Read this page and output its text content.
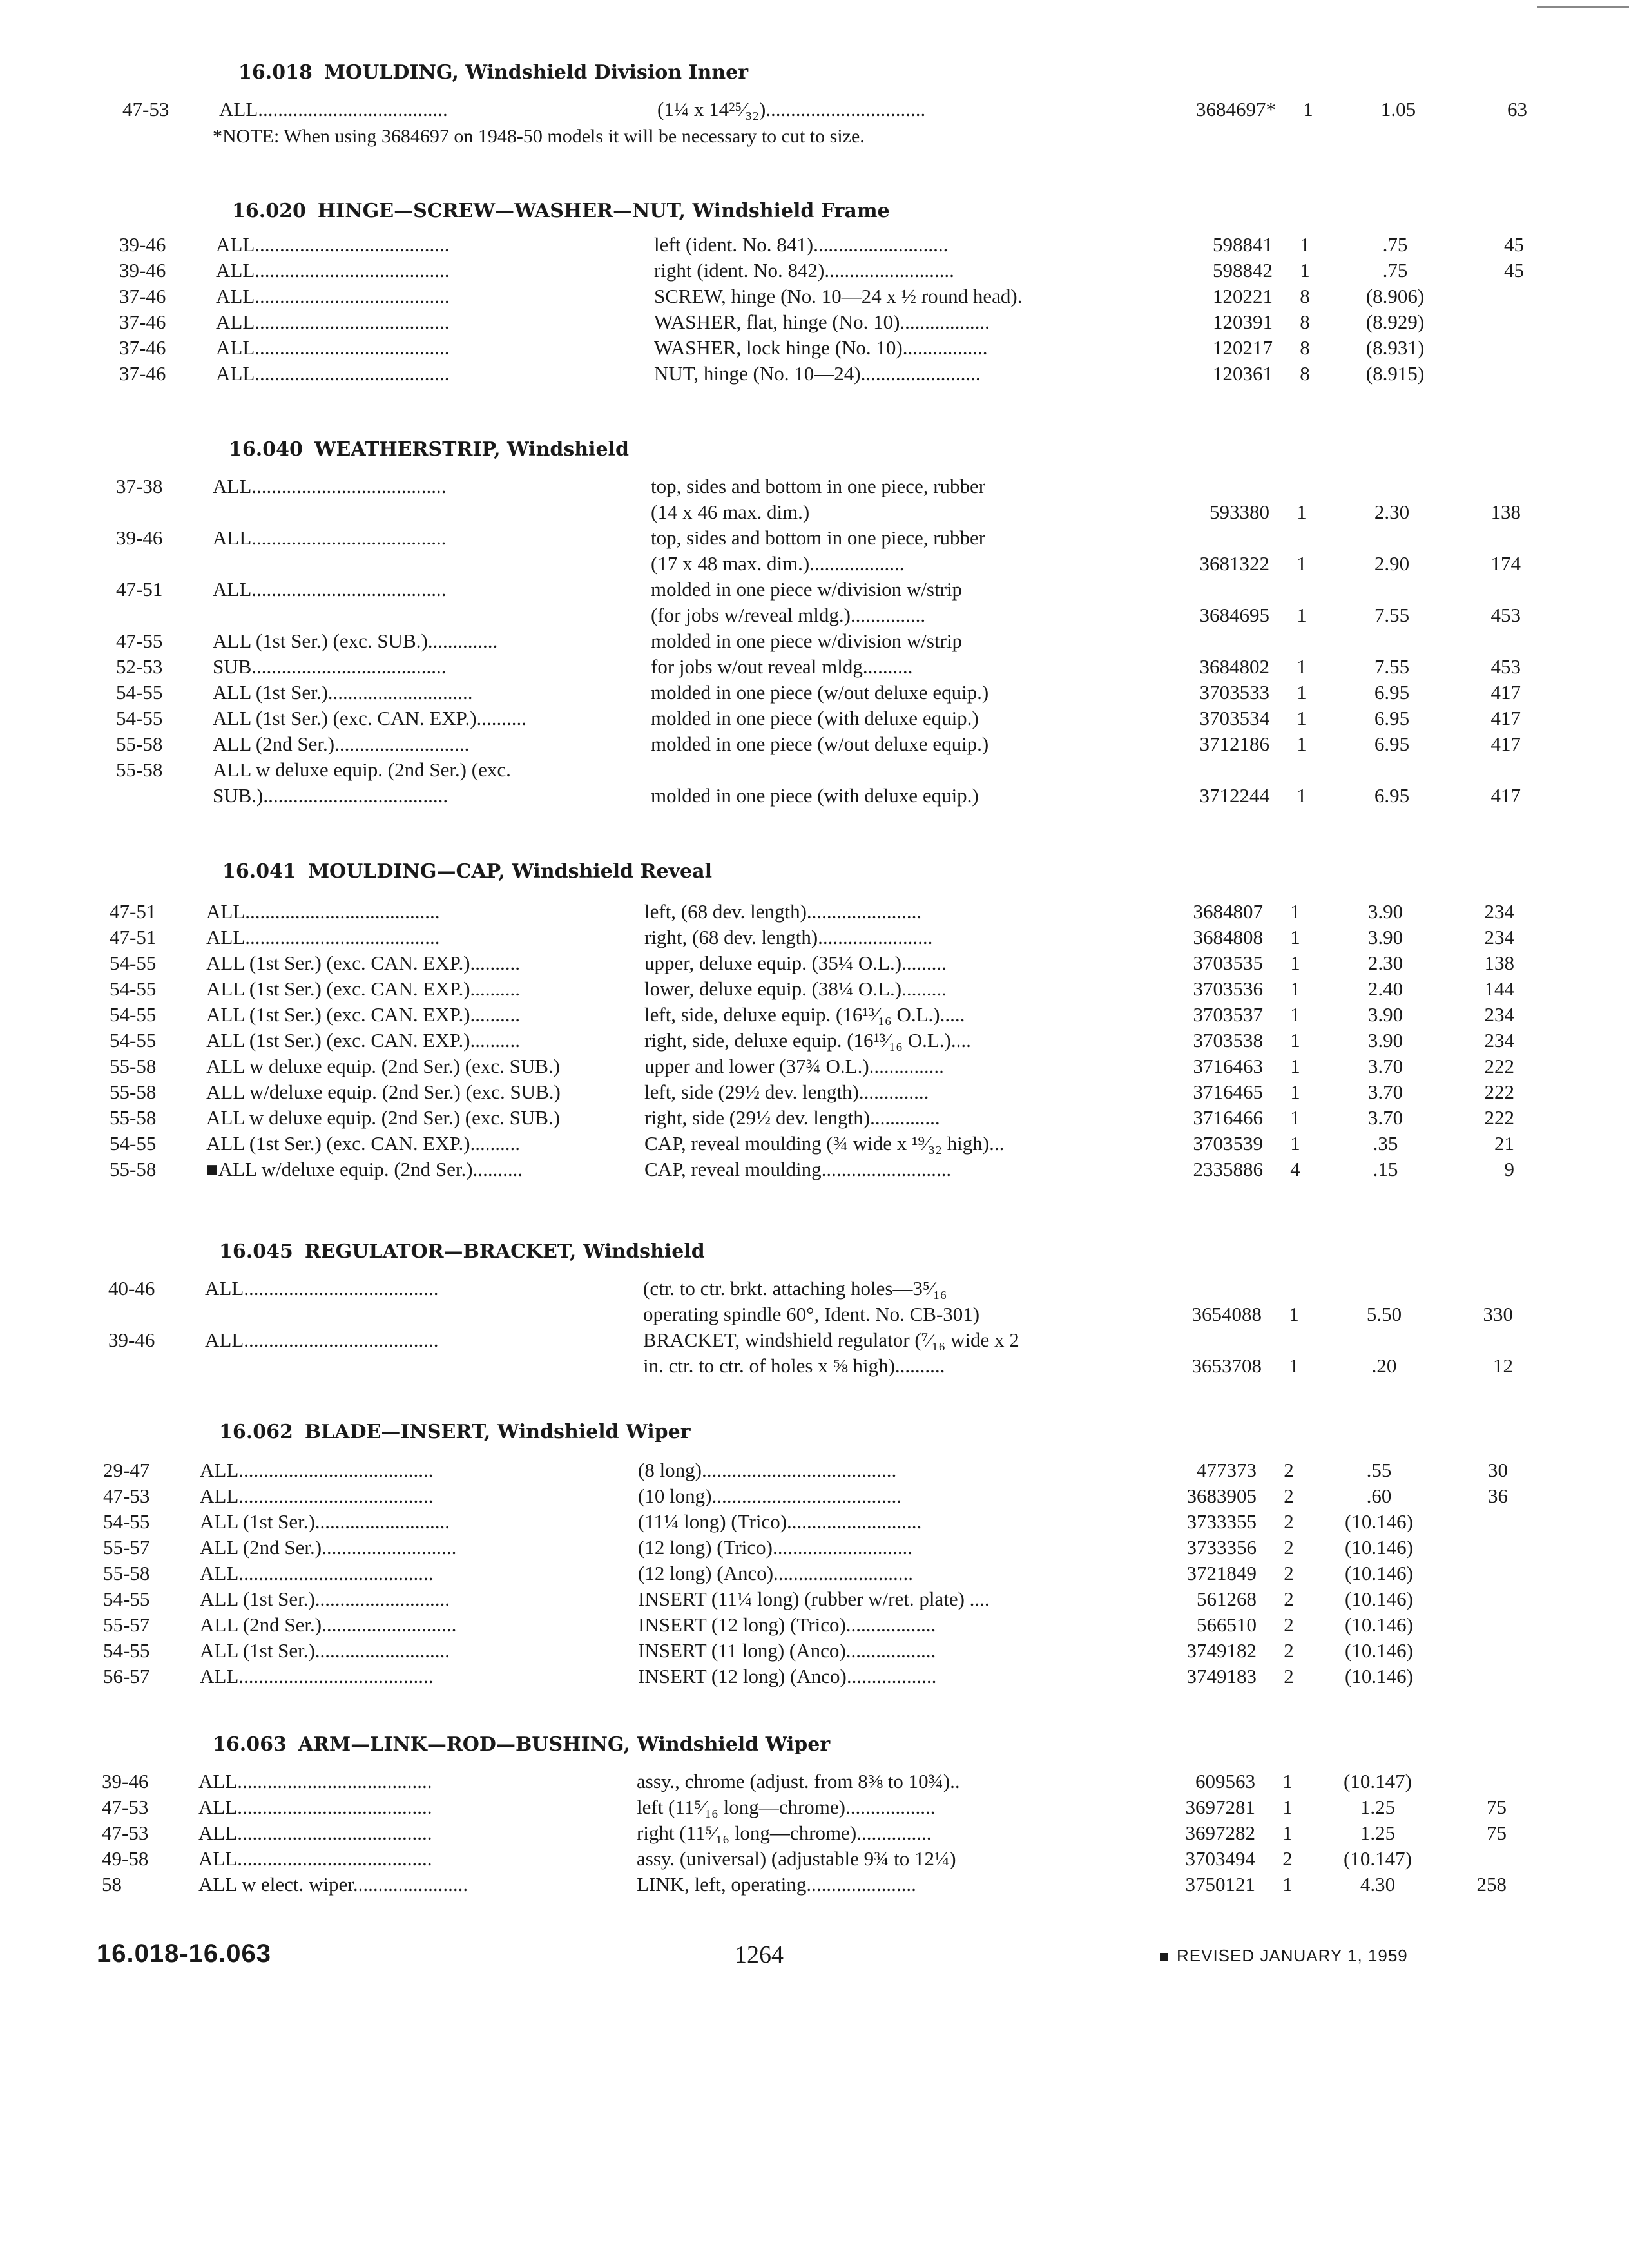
16.018 MOULDING, Windshield Division Inner
47-53	ALL......................................	(1¼ x 14²⁵⁄₃₂)................................	3684697*	1	1.05	63
*NOTE: When using 3684697 on 1948-50 models it will be necessary to cut to size.
16.020 HINGE—SCREW—WASHER—NUT, Windshield Frame
39-46	ALL.......................................	left (ident. No. 841)...........................	598841	1	.75	45
39-46	ALL.......................................	right (ident. No. 842)..........................	598842	1	.75	45
37-46	ALL.......................................	SCREW, hinge (No. 10—24 x ½ round head).	120221	8	(8.906)
37-46	ALL.......................................	WASHER, flat, hinge (No. 10)..................	120391	8	(8.929)
37-46	ALL.......................................	WASHER, lock hinge (No. 10).................	120217	8	(8.931)
37-46	ALL.......................................	NUT, hinge (No. 10—24)........................	120361	8	(8.915)
16.040 WEATHERSTRIP, Windshield
37-38	ALL.......................................	top, sides and bottom in one piece, rubber
(14 x 46 max. dim.)	593380	1	2.30	138
39-46	ALL.......................................	top, sides and bottom in one piece, rubber
(17 x 48 max. dim.)...................	3681322	1	2.90	174
47-51	ALL.......................................	molded in one piece w/division w/strip
(for jobs w/reveal mldg.)...............	3684695	1	7.55	453
47-55	ALL (1st Ser.) (exc. SUB.)..............	molded in one piece w/division w/strip
52-53	SUB.......................................	for jobs w/out reveal mldg..........	3684802	1	7.55	453
54-55	ALL (1st Ser.).............................	molded in one piece (w/out deluxe equip.)	3703533	1	6.95	417
54-55	ALL (1st Ser.) (exc. CAN. EXP.)..........	molded in one piece (with deluxe equip.)	3703534	1	6.95	417
55-58	ALL (2nd Ser.)...........................	molded in one piece (w/out deluxe equip.)	3712186	1	6.95	417
55-58	ALL w deluxe equip. (2nd Ser.) (exc.
SUB.).....................................	molded in one piece (with deluxe equip.)	3712244	1	6.95	417
16.041 MOULDING—CAP, Windshield Reveal
47-51	ALL.......................................	left, (68 dev. length).......................	3684807	1	3.90	234
47-51	ALL.......................................	right, (68 dev. length).......................	3684808	1	3.90	234
54-55	ALL (1st Ser.) (exc. CAN. EXP.)..........	upper, deluxe equip. (35¼ O.L.).........	3703535	1	2.30	138
54-55	ALL (1st Ser.) (exc. CAN. EXP.)..........	lower, deluxe equip. (38¼ O.L.).........	3703536	1	2.40	144
54-55	ALL (1st Ser.) (exc. CAN. EXP.)..........	left, side, deluxe equip. (16¹³⁄₁₆ O.L.).....	3703537	1	3.90	234
54-55	ALL (1st Ser.) (exc. CAN. EXP.)..........	right, side, deluxe equip. (16¹³⁄₁₆ O.L.)....	3703538	1	3.90	234
55-58	ALL w deluxe equip. (2nd Ser.) (exc. SUB.)	upper and lower (37¾ O.L.)...............	3716463	1	3.70	222
55-58	ALL w/deluxe equip. (2nd Ser.) (exc. SUB.)	left, side (29½ dev. length)..............	3716465	1	3.70	222
55-58	ALL w deluxe equip. (2nd Ser.) (exc. SUB.)	right, side (29½ dev. length)..............	3716466	1	3.70	222
54-55	ALL (1st Ser.) (exc. CAN. EXP.)..........	CAP, reveal moulding (¾ wide x ¹⁹⁄₃₂ high)...	3703539	1	.35	21
55-58	■ALL w/deluxe equip. (2nd Ser.)..........	CAP, reveal moulding..........................	2335886	4	.15	9
16.045 REGULATOR—BRACKET, Windshield
40-46	ALL.......................................	(ctr. to ctr. brkt. attaching holes—3⁵⁄₁₆
operating spindle 60°, Ident. No. CB-301)	3654088	1	5.50	330
39-46	ALL.......................................	BRACKET, windshield regulator (⁷⁄₁₆ wide x 2
in. ctr. to ctr. of holes x ⅝ high)..........	3653708	1	.20	12
16.062 BLADE—INSERT, Windshield Wiper
29-47	ALL.......................................	(8 long).......................................	477373	2	.55	30
47-53	ALL.......................................	(10 long)......................................	3683905	2	.60	36
54-55	ALL (1st Ser.)...........................	(11¼ long) (Trico)...........................	3733355	2	(10.146)
55-57	ALL (2nd Ser.)...........................	(12 long) (Trico)............................	3733356	2	(10.146)
55-58	ALL.......................................	(12 long) (Anco)............................	3721849	2	(10.146)
54-55	ALL (1st Ser.)...........................	INSERT (11¼ long) (rubber w/ret. plate) ....	561268	2	(10.146)
55-57	ALL (2nd Ser.)...........................	INSERT (12 long) (Trico)..................	566510	2	(10.146)
54-55	ALL (1st Ser.)...........................	INSERT (11 long) (Anco)..................	3749182	2	(10.146)
56-57	ALL.......................................	INSERT (12 long) (Anco)..................	3749183	2	(10.146)
16.063 ARM—LINK—ROD—BUSHING, Windshield Wiper
39-46	ALL.......................................	assy., chrome (adjust. from 8⅜ to 10¾)..	609563	1	(10.147)
47-53	ALL.......................................	left (11⁵⁄₁₆ long—chrome)..................	3697281	1	1.25	75
47-53	ALL.......................................	right (11⁵⁄₁₆ long—chrome)...............	3697282	1	1.25	75
49-58	ALL.......................................	assy. (universal) (adjustable 9¾ to 12¼)	3703494	2	(10.147)
58	ALL w elect. wiper.......................	LINK, left, operating......................	3750121	1	4.30	258
16.018-16.063	1264	REVISED JANUARY 1, 1959
